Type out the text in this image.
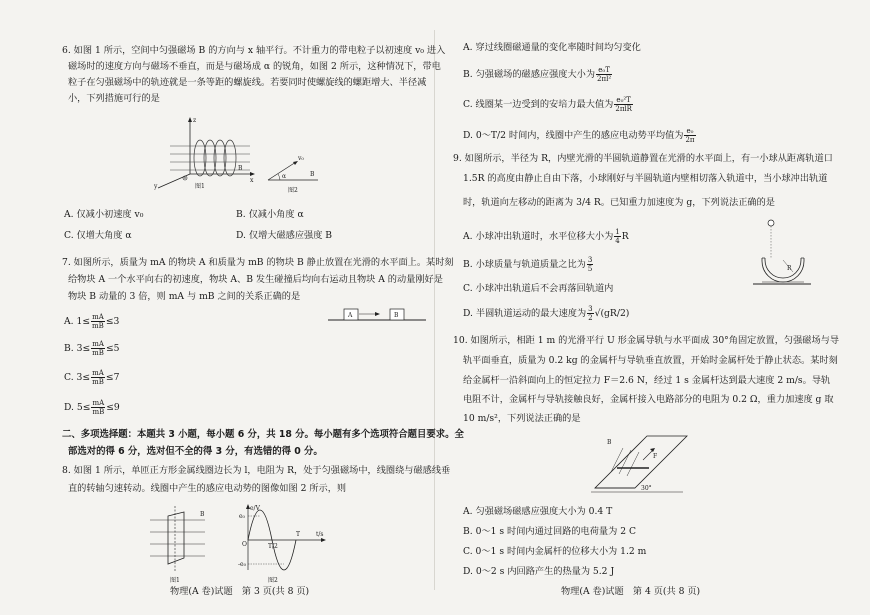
6. 如图 1 所示，空间中匀强磁场 B 的方向与 x 轴平行。不计重力的带电粒子以初速度 v₀ 进入
磁场时的速度方向与磁场不垂直，而是与磁场成 α 的锐角，如图 2 所示，这种情况下，带电
粒子在匀强磁场中的轨迹就是一条等距的螺旋线。若要同时使螺旋线的螺距增大、半径减
小，下列措施可行的是
B
z
x
y	图1
α	B
v₀
图2
A. 仅减小初速度 v₀	B. 仅减小角度 α
C. 仅增大角度 α	D. 仅增大磁感应强度 B
7. 如图所示，质量为 mA 的物块 A 和质量为 mB 的物块 B 静止放置在光滑的水平面上。某时刻
给物块 A 一个水平向右的初速度，物块 A、B 发生碰撞后均向右运动且物块 A 的动量刚好是
物块 B 动量的 3 倍，则 mA 与 mB 之间的关系正确的是
A. $1\le \frac{mA}{mB} \le 3$
B. $3\le \frac{mA}{mB} \le 5$
C. $3\le \frac{mA}{mB} \le 7$
D. $5\le \frac{mA}{mB} \le 9$
A	B
二、多项选择题：本题共 3 小题，每小题 6 分，共 18 分。每小题有多个选项符合题目要求。全
部选对的得 6 分，选对但不全的得 3 分，有选错的得 0 分。
8. 如图 1 所示，单匝正方形金属线圈边长为 l，电阻为 R，处于匀强磁场中，线圈绕与磁感线垂
直的转轴匀速转动。线圈中产生的感应电动势的图像如图 2 所示，则
B
图1
e/V
t/s
e₀
-e₀
T/2
T
O
图2
物理(A 卷)试题　第 3 页(共 8 页)
A. 穿过线圈磁通量的变化率随时间均匀变化
B. 匀强磁场的磁感应强度大小为 $\frac{\text{e₀T}}{\text{2πl²}}$
C. 线圈某一边受到的安培力最大值为 $\frac{\text{e₀²T}}{\text{2πlR}}$
D. 0～T/2 时间内，线圈中产生的感应电动势平均值为 $\frac{\text{e₀}}{2\pi}$
9. 如图所示，半径为 R，内壁光滑的半圆轨道静置在光滑的水平面上，有一小球从距离轨道口
1.5R 的高度由静止自由下落，小球刚好与半圆轨道内壁相切落入轨道中，当小球冲出轨道
时，轨道向左移动的距离为 3/4 R。已知重力加速度为 g，下列说法正确的是
A. 小球冲出轨道时，水平位移大小为 $\frac{1}{4}$ R
B. 小球质量与轨道质量之比为 $\frac{3}{5}$
C. 小球冲出轨道后不会再落回轨道内
D. 半圆轨道运动的最大速度为 $\frac{3}{2} √(gR/2)$
R
10. 如图所示，相距 1 m 的光滑平行 U 形金属导轨与水平面成 30°角固定放置，匀强磁场与导
轨平面垂直，质量为 0.2 kg 的金属杆与导轨垂直放置，开始时金属杆处于静止状态。某时刻
给金属杆一沿斜面向上的恒定拉力 F＝2.6 N，经过 1 s 金属杆达到最大速度 2 m/s。导轨
电阻不计，金属杆与导轨接触良好，金属杆接入电路部分的电阻为 0.2 Ω，重力加速度 g 取
10 m/s²，下列说法正确的是
B
F
30°
A. 匀强磁场磁感应强度大小为 0.4 T
B. 0～1 s 时间内通过回路的电荷量为 2 C
C. 0～1 s 时间内金属杆的位移大小为 1.2 m
D. 0～2 s 内回路产生的热量为 5.2 J
物理(A 卷)试题　第 4 页(共 8 页)
